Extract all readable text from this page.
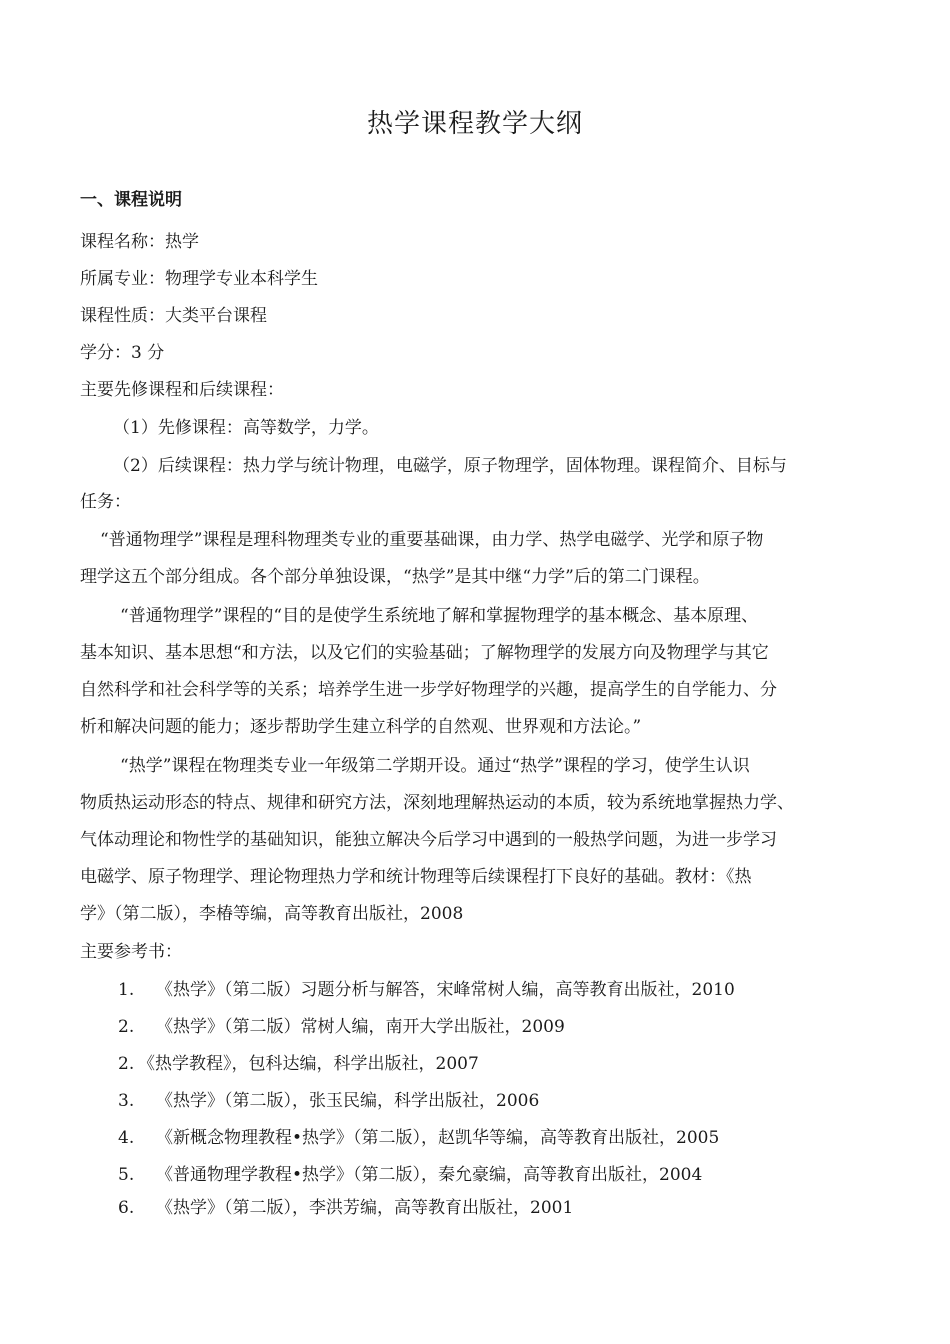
热学课程教学大纲
一、课程说明
课程名称：热学
所属专业：物理学专业本科学生
课程性质：大类平台课程
学分：3 分
主要先修课程和后续课程：
（1）先修课程：高等数学，力学。
（2）后续课程：热力学与统计物理，电磁学，原子物理学，固体物理。课程简介、目标与
任务：
“普通物理学”课程是理科物理类专业的重要基础课，由力学、热学电磁学、光学和原子物
理学这五个部分组成。各个部分单独设课，“热学”是其中继“力学”后的第二门课程。
“普通物理学”课程的“目的是使学生系统地了解和掌握物理学的基本概念、基本原理、
基本知识、基本思想“和方法，以及它们的实验基础；了解物理学的发展方向及物理学与其它
自然科学和社会科学等的关系；培养学生进一步学好物理学的兴趣，提高学生的自学能力、分
析和解决问题的能力；逐步帮助学生建立科学的自然观、世界观和方法论。”
“热学”课程在物理类专业一年级第二学期开设。通过“热学”课程的学习，使学生认识
物质热运动形态的特点、规律和研究方法，深刻地理解热运动的本质，较为系统地掌握热力学、
气体动理论和物性学的基础知识，能独立解决今后学习中遇到的一般热学问题，为进一步学习
电磁学、原子物理学、理论物理热力学和统计物理等后续课程打下良好的基础。教材：《热
学》（第二版），李椿等编，高等教育出版社，2008
主要参考书：
1. 《热学》（第二版）习题分析与解答，宋峰常树人编，高等教育出版社，2010
2. 《热学》（第二版）常树人编，南开大学出版社，2009
2. 《热学教程》，包科达编，科学出版社，2007
3. 《热学》（第二版），张玉民编，科学出版社，2006
4. 《新概念物理教程•热学》（第二版），赵凯华等编，高等教育出版社，2005
5. 《普通物理学教程•热学》（第二版），秦允豪编，高等教育出版社，2004
6. 《热学》（第二版），李洪芳编，高等教育出版社，2001
